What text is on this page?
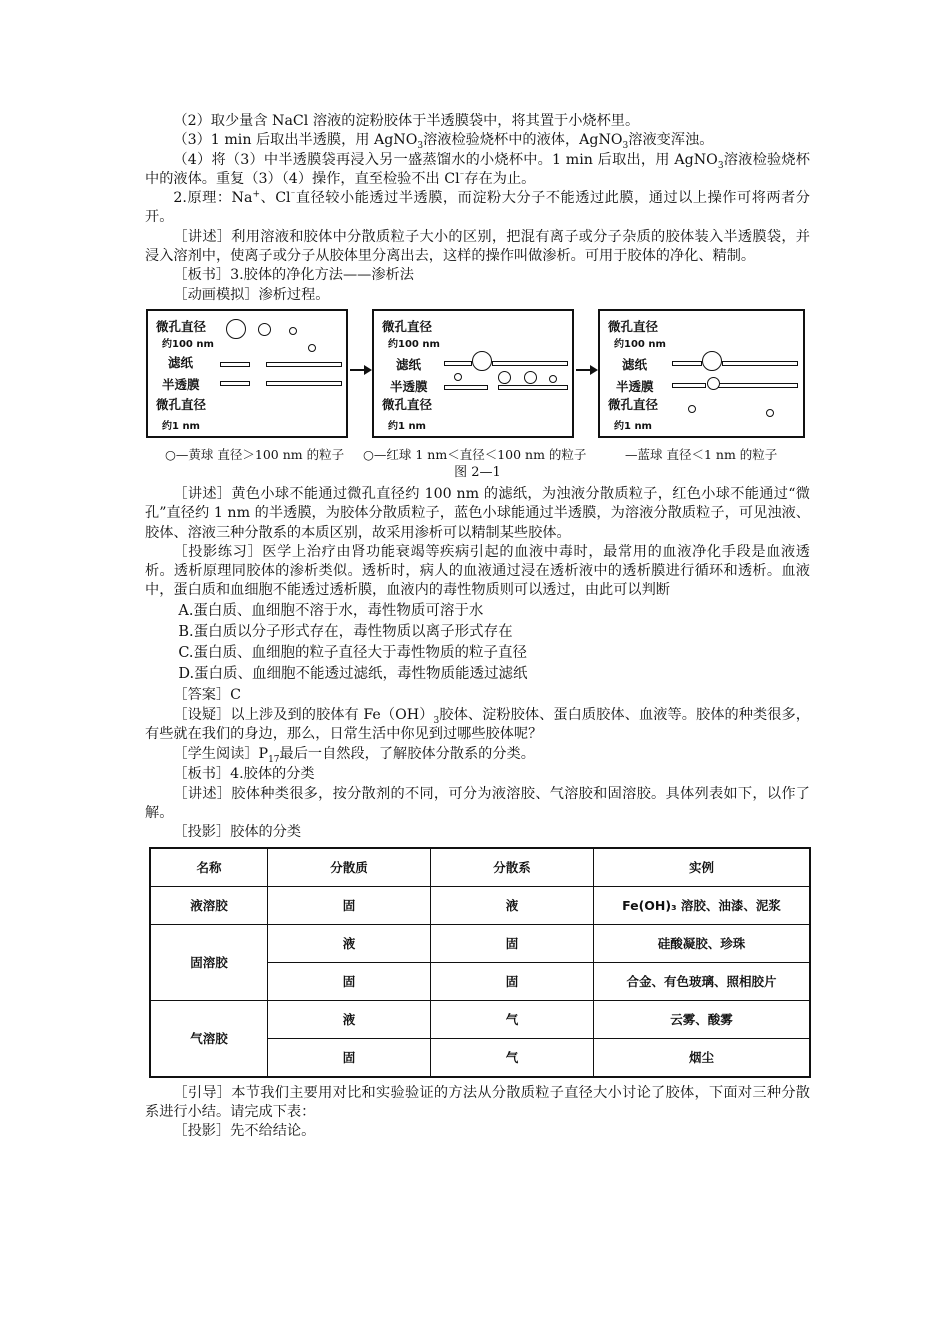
（2）取少量含 NaCl 溶液的淀粉胶体于半透膜袋中，将其置于小烧杯里。

（3）1 min 后取出半透膜，用 AgNO$_3$溶液检验烧杯中的液体，AgNO$_3$溶液变浑浊。

（4）将（3）中半透膜袋再浸入另一盛蒸馏水的小烧杯中。1 min 后取出，用 AgNO$_3$溶液检验烧杯中的液体。重复（3）（4）操作，直至检验不出 Cl⁻存在为止。

2.原理：Na+、Cl⁻直径较小能透过半透膜，而淀粉大分子不能透过此膜，通过以上操作可将两者分开。

［讲述］利用溶液和胶体中分散质粒子大小的区别，把混有离子或分子杂质的胶体装入半透膜袋，并浸入溶剂中，使离子或分子从胶体里分离出去，这样的操作叫做渗析。可用于胶体的净化、精制。

［板书］3.胶体的净化方法——渗析法

［动画模拟］渗析过程。

微孔直径
约100 nm
滤纸
半透膜
微孔直径
约1 nm
微孔直径
约100 nm
滤纸
半透膜
微孔直径
约1 nm
微孔直径
约100 nm
滤纸
半透膜
微孔直径
约1 nm
○—黄球 直径＞100 nm 的粒子 ○—红球 1 nm＜直径＜100 nm 的粒子	—蓝球 直径＜1 nm 的粒子
图 2—1

［讲述］黄色小球不能通过微孔直径约 100 nm 的滤纸，为浊液分散质粒子，红色小球不能通过“微孔”直径约 1 nm 的半透膜，为胶体分散质粒子，蓝色小球能通过半透膜，为溶液分散质粒子，可见浊液、胶体、溶液三种分散系的本质区别，故采用渗析可以精制某些胶体。

［投影练习］医学上治疗由肾功能衰竭等疾病引起的血液中毒时，最常用的血液净化手段是血液透析。透析原理同胶体的渗析类似。透析时，病人的血液通过浸在透析液中的透析膜进行循环和透析。血液中，蛋白质和血细胞不能透过透析膜，血液内的毒性物质则可以透过，由此可以判断

A.蛋白质、血细胞不溶于水，毒性物质可溶于水

B.蛋白质以分子形式存在，毒性物质以离子形式存在

C.蛋白质、血细胞的粒子直径大于毒性物质的粒子直径

D.蛋白质、血细胞不能透过滤纸，毒性物质能透过滤纸

［答案］C

［设疑］以上涉及到的胶体有 $Fe(OH)_3$胶体、淀粉胶体、蛋白质胶体、血液等。胶体的种类很多，有些就在我们的身边，那么，日常生活中你见到过哪些胶体呢？

［学生阅读$]P_{17}$最后一自然段，了解胶体分散系的分类。

［板书］4.胶体的分类

［讲述］胶体种类很多，按分散剂的不同，可分为液溶胶、气溶胶和固溶胶。具体列表如下，以作了解。

［投影］胶体的分类

名称	分散质	分散系	实例
液溶胶	固	液	Fe(OH)₃ 溶胶、油漆、泥浆
固溶胶	液	固	硅酸凝胶、珍珠
	固	固	合金、有色玻璃、照相胶片
气溶胶	液	气	云雾、酸雾
	固	气	烟尘

［引导］本节我们主要用对比和实验验证的方法从分散质粒子直径大小讨论了胶体，下面对三种分散系进行小结。请完成下表：

［投影］先不给结论。
